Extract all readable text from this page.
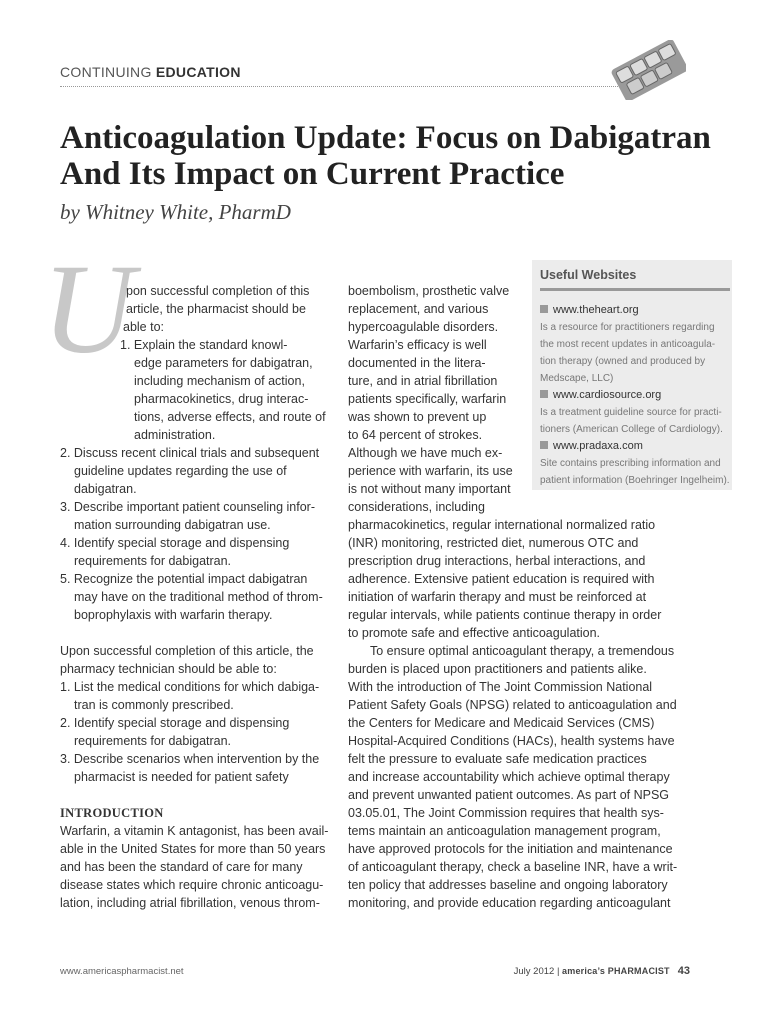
CONTINUING EDUCATION
Anticoagulation Update: Focus on Dabigatran
And Its Impact on Current Practice
by Whitney White, PharmD
U

pon successful completion of this

article, the pharmacist should be

able to:

1. Explain the standard knowl-

edge parameters for dabigatran,

including mechanism of action,

pharmacokinetics, drug interac-

tions, adverse effects, and route of

administration.

2. Discuss recent clinical trials and subsequent

guideline updates regarding the use of

dabigatran.

3. Describe important patient counseling infor-

mation surrounding dabigatran use.

4. Identify special storage and dispensing

requirements for dabigatran.

5. Recognize the potential impact dabigatran

may have on the traditional method of throm-

boprophylaxis with warfarin therapy.

Upon successful completion of this article, the

pharmacy technician should be able to:

1. List the medical conditions for which dabiga-

tran is commonly prescribed.

2. Identify special storage and dispensing

requirements for dabigatran.

3. Describe scenarios when intervention by the

pharmacist is needed for patient safety

INTRODUCTION

Warfarin, a vitamin K antagonist, has been avail-

able in the United States for more than 50 years

and has been the standard of care for many

disease states which require chronic anticoagu-

lation, including atrial fibrillation, venous throm-

boembolism, prosthetic valve

replacement, and various

hypercoagulable disorders.

Warfarin’s efficacy is well

documented in the litera-

ture, and in atrial fibrillation

patients specifically, warfarin

was shown to prevent up

to 64 percent of strokes.

Although we have much ex-

perience with warfarin, its use

is not without many important

considerations, including

pharmacokinetics, regular international normalized ratio

(INR) monitoring, restricted diet, numerous OTC and

prescription drug interactions, herbal interactions, and

adherence. Extensive patient education is required with

initiation of warfarin therapy and must be reinforced at

regular intervals, while patients continue therapy in order

to promote safe and effective anticoagulation.

To ensure optimal anticoagulant therapy, a tremendous

burden is placed upon practitioners and patients alike.

With the introduction of The Joint Commission National

Patient Safety Goals (NPSG) related to anticoagulation and

the Centers for Medicare and Medicaid Services (CMS)

Hospital-Acquired Conditions (HACs), health systems have

felt the pressure to evaluate safe medication practices

and increase accountability which achieve optimal therapy

and prevent unwanted patient outcomes. As part of NPSG

03.05.01, The Joint Commission requires that health sys-

tems maintain an anticoagulation management program,

have approved protocols for the initiation and maintenance

of anticoagulant therapy, check a baseline INR, have a writ-

ten policy that addresses baseline and ongoing laboratory

monitoring, and provide education regarding anticoagulant

Useful Websites
www.theheart.org
Is a resource for practitioners regarding
the most recent updates in anticoagula-
tion therapy (owned and produced by
Medscape, LLC)
www.cardiosource.org
Is a treatment guideline source for practi-
tioners (American College of Cardiology).
www.pradaxa.com
Site contains prescribing information and
patient information (Boehringer Ingelheim).
www.americaspharmacist.net	July 2012 | america’s PHARMACIST 43
